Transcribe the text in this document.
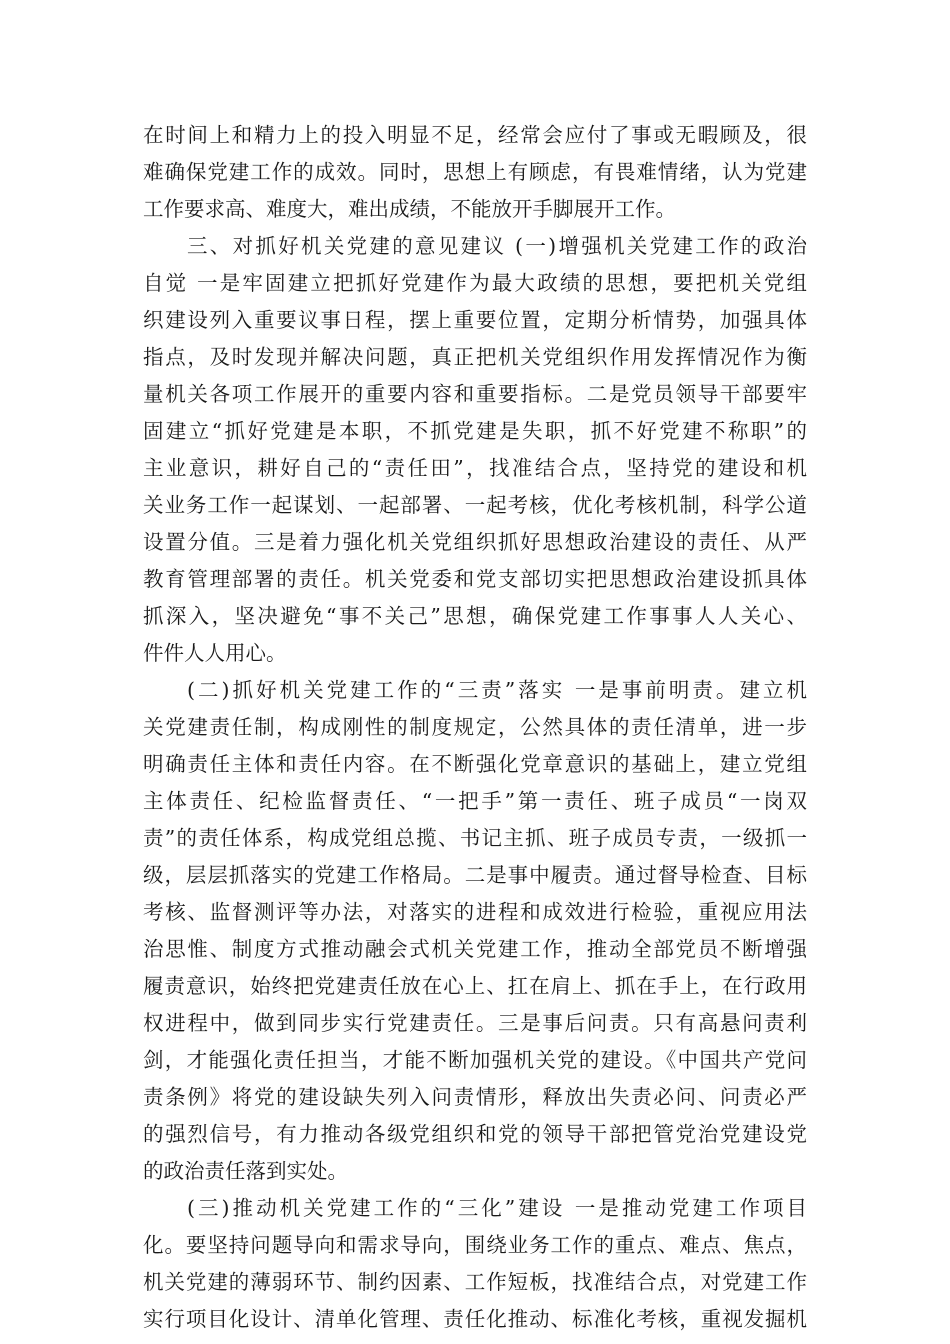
在时间上和精力上的投入明显不足，经常会应付了事或无暇顾及，很
难确保党建工作的成效。同时，思想上有顾虑，有畏难情绪，认为党建
工作要求高、难度大，难出成绩，不能放开手脚展开工作。
三、对抓好机关党建的意见建议 (一)增强机关党建工作的政治
自觉 一是牢固建立把抓好党建作为最大政绩的思想，要把机关党组
织建设列入重要议事日程，摆上重要位置，定期分析情势，加强具体
指点，及时发现并解决问题，真正把机关党组织作用发挥情况作为衡
量机关各项工作展开的重要内容和重要指标。二是党员领导干部要牢
固建立“抓好党建是本职，不抓党建是失职，抓不好党建不称职”的
主业意识，耕好自己的“责任田”，找准结合点，坚持党的建设和机
关业务工作一起谋划、一起部署、一起考核，优化考核机制，科学公道
设置分值。三是着力强化机关党组织抓好思想政治建设的责任、从严
教育管理部署的责任。机关党委和党支部切实把思想政治建设抓具体
抓深入，坚决避免“事不关己”思想，确保党建工作事事人人关心、
件件人人用心。
(二)抓好机关党建工作的“三责”落实 一是事前明责。建立机
关党建责任制，构成刚性的制度规定，公然具体的责任清单，进一步
明确责任主体和责任内容。在不断强化党章意识的基础上，建立党组
主体责任、纪检监督责任、“一把手”第一责任、班子成员“一岗双
责”的责任体系，构成党组总揽、书记主抓、班子成员专责，一级抓一
级，层层抓落实的党建工作格局。二是事中履责。通过督导检查、目标
考核、监督测评等办法，对落实的进程和成效进行检验，重视应用法
治思惟、制度方式推动融会式机关党建工作，推动全部党员不断增强
履责意识，始终把党建责任放在心上、扛在肩上、抓在手上，在行政用
权进程中，做到同步实行党建责任。三是事后问责。只有高悬问责利
剑，才能强化责任担当，才能不断加强机关党的建设。《中国共产党问
责条例》将党的建设缺失列入问责情形，释放出失责必问、问责必严
的强烈信号，有力推动各级党组织和党的领导干部把管党治党建设党
的政治责任落到实处。
(三)推动机关党建工作的“三化”建设 一是推动党建工作项目
化。要坚持问题导向和需求导向，围绕业务工作的重点、难点、焦点，
机关党建的薄弱环节、制约因素、工作短板，找准结合点，对党建工作
实行项目化设计、清单化管理、责任化推动、标准化考核，重视发掘机
